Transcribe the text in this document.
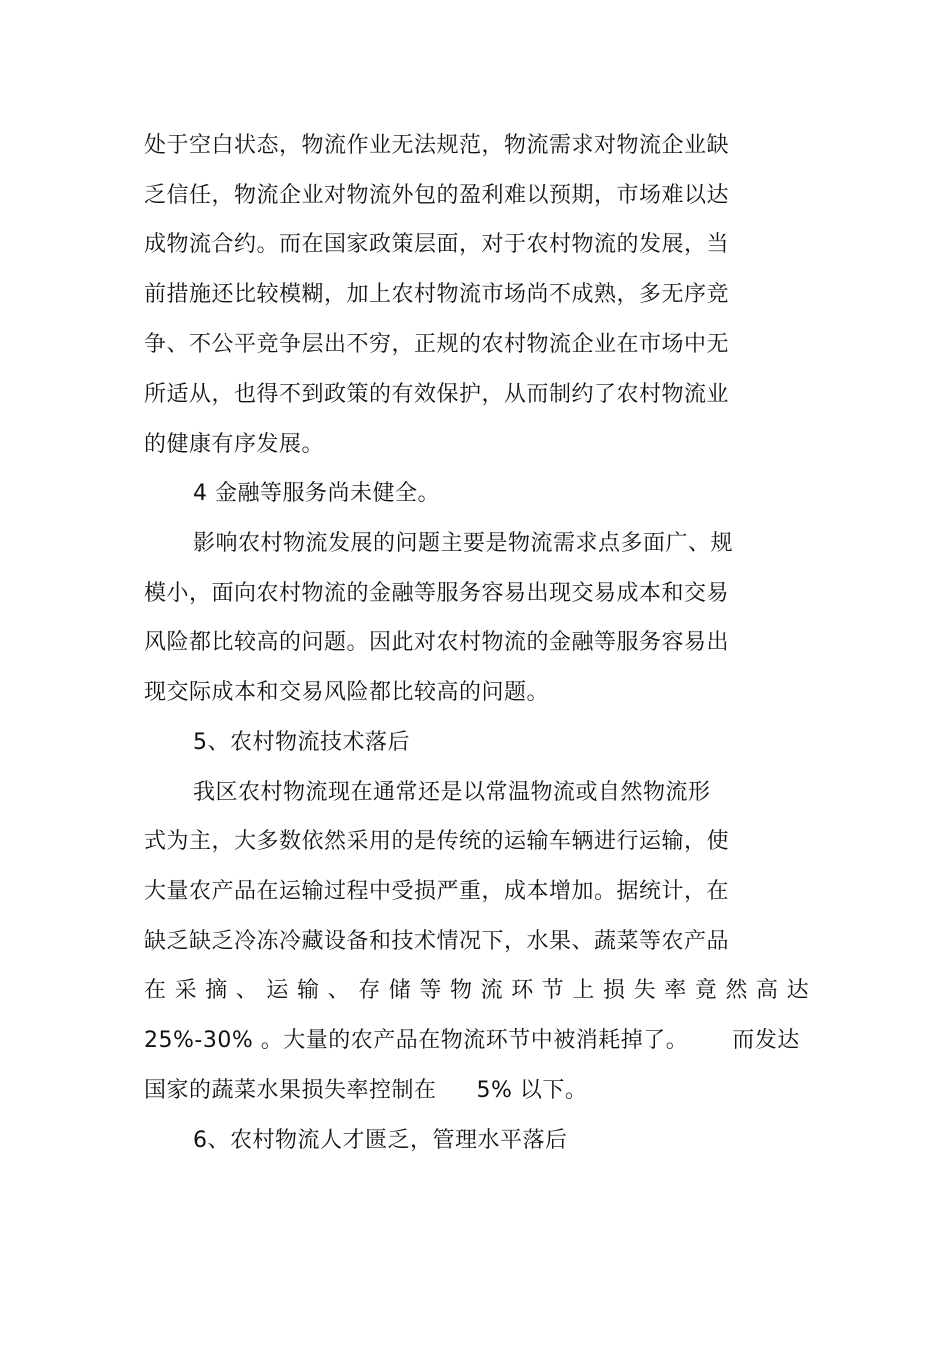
处于空白状态，物流作业无法规范，物流需求对物流企业缺
乏信任，物流企业对物流外包的盈利难以预期，市场难以达
成物流合约。而在国家政策层面，对于农村物流的发展，当
前措施还比较模糊，加上农村物流市场尚不成熟，多无序竞
争、不公平竞争层出不穷，正规的农村物流企业在市场中无
所适从，也得不到政策的有效保护，从而制约了农村物流业
的健康有序发展。
4 金融等服务尚未健全。
影响农村物流发展的问题主要是物流需求点多面广、规
模小，面向农村物流的金融等服务容易出现交易成本和交易
风险都比较高的问题。因此对农村物流的金融等服务容易出
现交际成本和交易风险都比较高的问题。
5、农村物流技术落后
我区农村物流现在通常还是以常温物流或自然物流形
式为主，大多数依然采用的是传统的运输车辆进行运输，使
大量农产品在运输过程中受损严重，成本增加。据统计，在
缺乏缺乏冷冻冷藏设备和技术情况下，水果、蔬菜等农产品
在采摘、运输、存储等物流环节上损失率竟然高达
25%-30% 。大量的农产品在物流环节中被消耗掉了。 而发达
国家的蔬菜水果损失率控制在 5% 以下。
6、农村物流人才匮乏，管理水平落后
